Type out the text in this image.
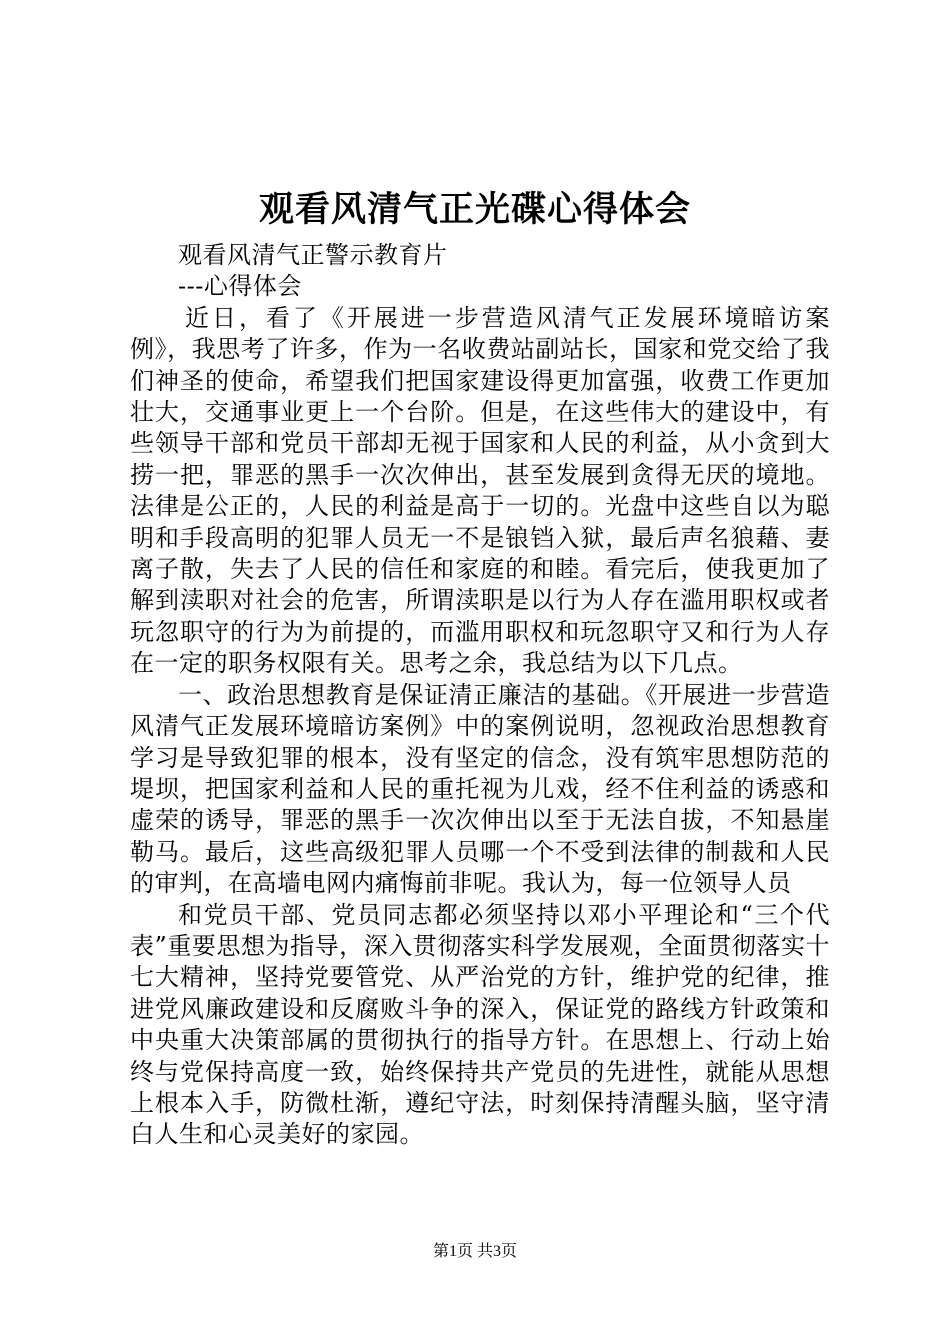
观看风清气正光碟心得体会

观看风清气正警示教育片

---心得体会

近日，看了《开展进一步营造风清气正发展环境暗访案例》，我思考了许多，作为一名收费站副站长，国家和党交给了我们神圣的使命，希望我们把国家建设得更加富强，收费工作更加壮大，交通事业更上一个台阶。但是，在这些伟大的建设中，有些领导干部和党员干部却无视于国家和人民的利益，从小贪到大捞一把，罪恶的黑手一次次伸出，甚至发展到贪得无厌的境地。法律是公正的，人民的利益是高于一切的。光盘中这些自以为聪明和手段高明的犯罪人员无一不是锒铛入狱，最后声名狼藉、妻离子散，失去了人民的信任和家庭的和睦。看完后，使我更加了解到渎职对社会的危害，所谓渎职是以行为人存在滥用职权或者玩忽职守的行为为前提的，而滥用职权和玩忽职守又和行为人存在一定的职务权限有关。思考之余，我总结为以下几点。

一、政治思想教育是保证清正廉洁的基础。《开展进一步营造风清气正发展环境暗访案例》中的案例说明，忽视政治思想教育学习是导致犯罪的根本，没有坚定的信念，没有筑牢思想防范的堤坝，把国家利益和人民的重托视为儿戏，经不住利益的诱惑和虚荣的诱导，罪恶的黑手一次次伸出以至于无法自拔，不知悬崖勒马。最后，这些高级犯罪人员哪一个不受到法律的制裁和人民的审判，在高墙电网内痛悔前非呢。我认为，每一位领导人员

和党员干部、党员同志都必须坚持以邓小平理论和“三个代表”重要思想为指导，深入贯彻落实科学发展观，全面贯彻落实十七大精神，坚持党要管党、从严治党的方针，维护党的纪律，推进党风廉政建设和反腐败斗争的深入，保证党的路线方针政策和中央重大决策部属的贯彻执行的指导方针。在思想上、行动上始终与党保持高度一致，始终保持共产党员的先进性，就能从思想上根本入手，防微杜渐，遵纪守法，时刻保持清醒头脑，坚守清白人生和心灵美好的家园。

第1页 共3页
